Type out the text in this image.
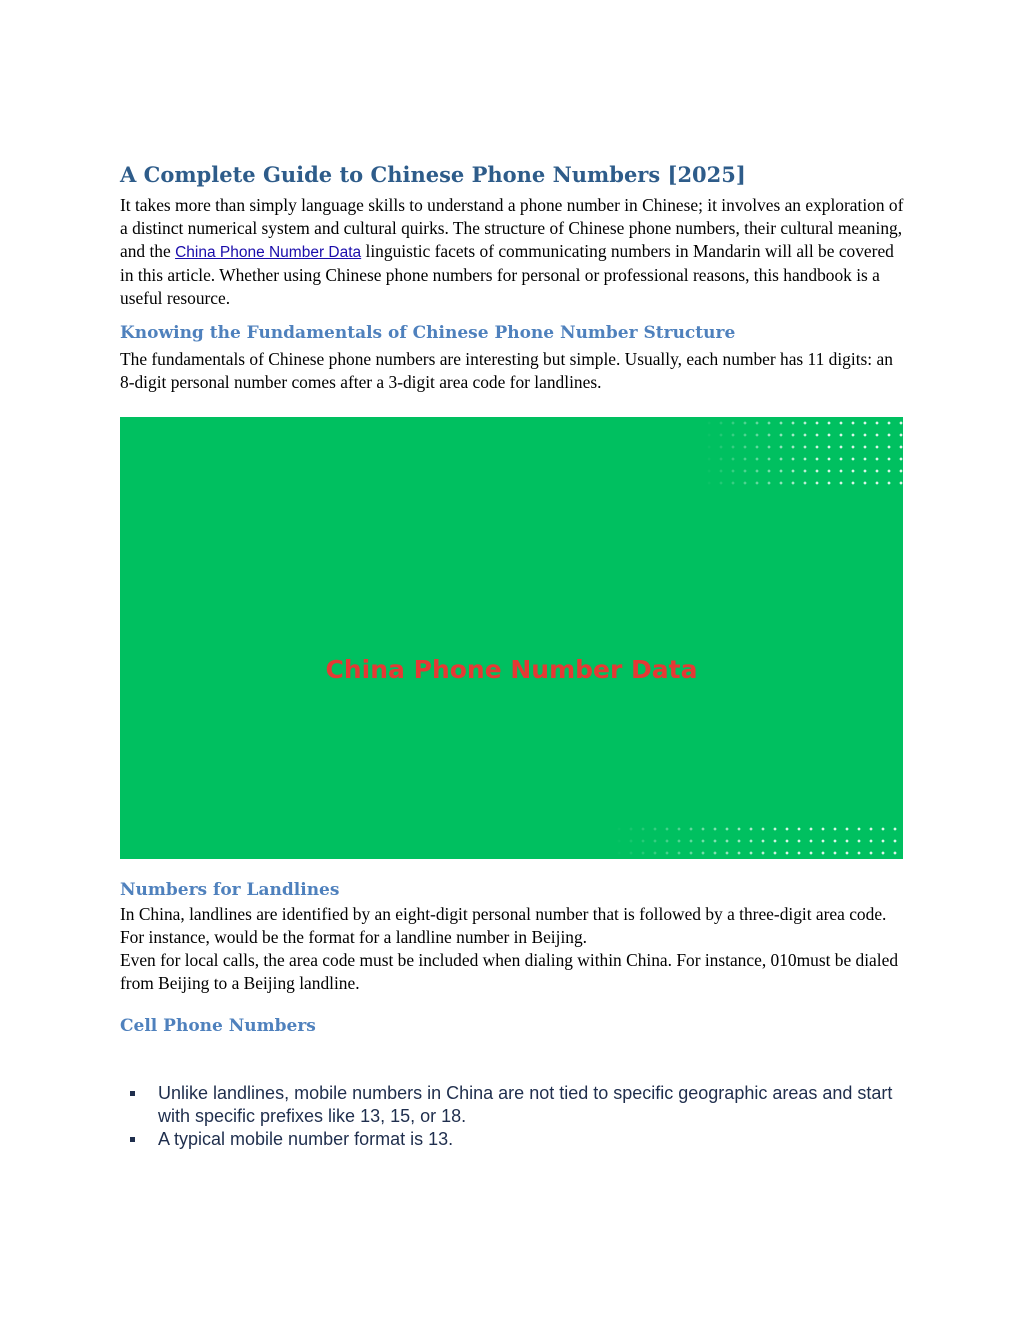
A Complete Guide to Chinese Phone Numbers [2025]

It takes more than simply language skills to understand a phone number in Chinese; it involves an exploration of a distinct numerical system and cultural quirks. The structure of Chinese phone numbers, their cultural meaning, and the China Phone Number Data linguistic facets of communicating numbers in Mandarin will all be covered in this article. Whether using Chinese phone numbers for personal or professional reasons, this handbook is a useful resource.

Knowing the Fundamentals of Chinese Phone Number Structure

The fundamentals of Chinese phone numbers are interesting but simple. Usually, each number has 11 digits: an 8-digit personal number comes after a 3-digit area code for landlines.

China Phone Number Data
Numbers for Landlines

In China, landlines are identified by an eight-digit personal number that is followed by a three-digit area code.

For instance, would be the format for a landline number in Beijing.

Even for local calls, the area code must be included when dialing within China. For instance, 010must be dialed from Beijing to a Beijing landline.

Cell Phone Numbers
Unlike landlines, mobile numbers in China are not tied to specific geographic areas and start with specific prefixes like 13, 15, or 18.
A typical mobile number format is 13.
